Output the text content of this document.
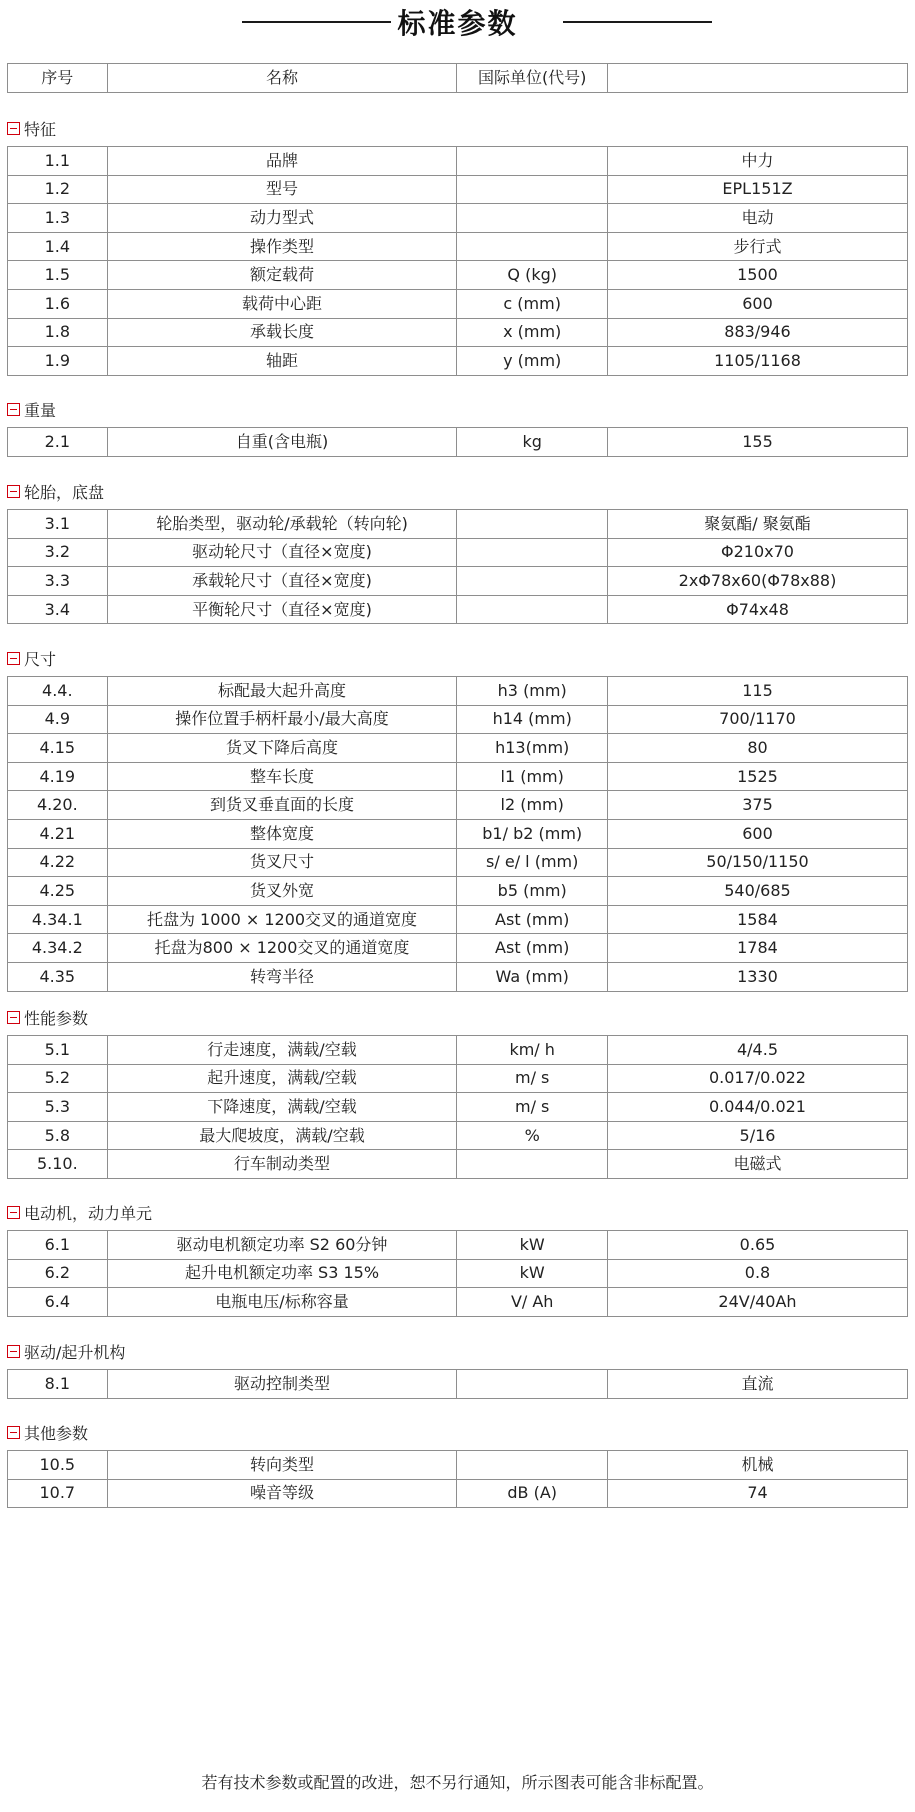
标准参数
序号	名称	国际单位(代号)	
特征
1.1	品牌		中力
1.2	型号		EPL151Z
1.3	动力型式		电动
1.4	操作类型		步行式
1.5	额定载荷	Q (kg)	1500
1.6	载荷中心距	c (mm)	600
1.8	承载长度	x (mm)	883/946
1.9	轴距	y (mm)	1105/1168
重量
2.1	自重(含电瓶)	kg	155
轮胎，底盘
3.1	轮胎类型，驱动轮/承载轮（转向轮)		聚氨酯/ 聚氨酯
3.2	驱动轮尺寸（直径×宽度)		Φ210x70
3.3	承载轮尺寸（直径×宽度)		2xΦ78x60(Φ78x88)
3.4	平衡轮尺寸（直径×宽度)		Φ74x48
尺寸
4.4.	标配最大起升高度	h3 (mm)	115
4.9	操作位置手柄杆最小/最大高度	h14 (mm)	700/1170
4.15	货叉下降后高度	h13(mm)	80
4.19	整车长度	l1 (mm)	1525
4.20.	到货叉垂直面的长度	l2 (mm)	375
4.21	整体宽度	b1/ b2 (mm)	600
4.22	货叉尺寸	s/ e/ l (mm)	50/150/1150
4.25	货叉外宽	b5 (mm)	540/685
4.34.1	托盘为 1000 × 1200交叉的通道宽度	Ast (mm)	1584
4.34.2	托盘为800 × 1200交叉的通道宽度	Ast (mm)	1784
4.35	转弯半径	Wa (mm)	1330
性能参数
5.1	行走速度，满载/空载	km/ h	4/4.5
5.2	起升速度，满载/空载	m/ s	0.017/0.022
5.3	下降速度，满载/空载	m/ s	0.044/0.021
5.8	最大爬坡度，满载/空载	%	5/16
5.10.	行车制动类型		电磁式
电动机，动力单元
6.1	驱动电机额定功率 S2 60分钟	kW	0.65
6.2	起升电机额定功率 S3 15%	kW	0.8
6.4	电瓶电压/标称容量	V/ Ah	24V/40Ah
驱动/起升机构
8.1	驱动控制类型		直流
其他参数
10.5	转向类型		机械
10.7	噪音等级	dB (A)	74
若有技术参数或配置的改进，恕不另行通知，所示图表可能含非标配置。
